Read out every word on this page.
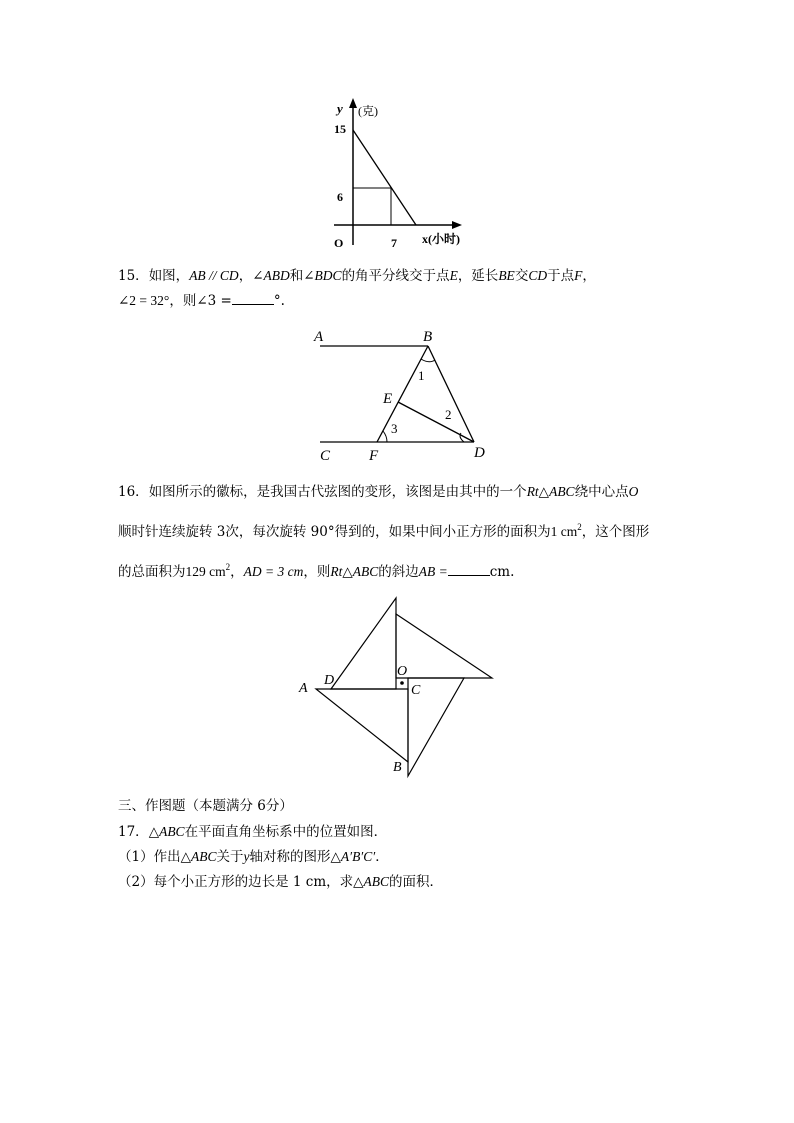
y (克)
15
6
O	7 x(小时)
15．如图，AB // CD，∠ABD和∠BDC的角平分线交于点E，延长BE交CD于点F，
∠2 = 32°，则∠3 =	°.
A	B
C	D
E
F
1
2
3
16．如图所示的徽标，是我国古代弦图的变形，该图是由其中的一个Rt△ABC绕中心点O
顺时针连续旋转 3次，每次旋转 90°得到的，如果中间小正方形的面积为1 $cm^2$，这个图形
的总面积为129 $cm^2$，AD = 3 cm，则Rt△ABC的斜边AB =	cm.
A
D
O
C
B
三、作图题（本题满分 6分）
17．△ABC在平面直角坐标系中的位置如图．
（1）作出△ABC关于y轴对称的图形△A′B′C′．
（2）每个小正方形的边长是 1 cm，求△ABC的面积．
